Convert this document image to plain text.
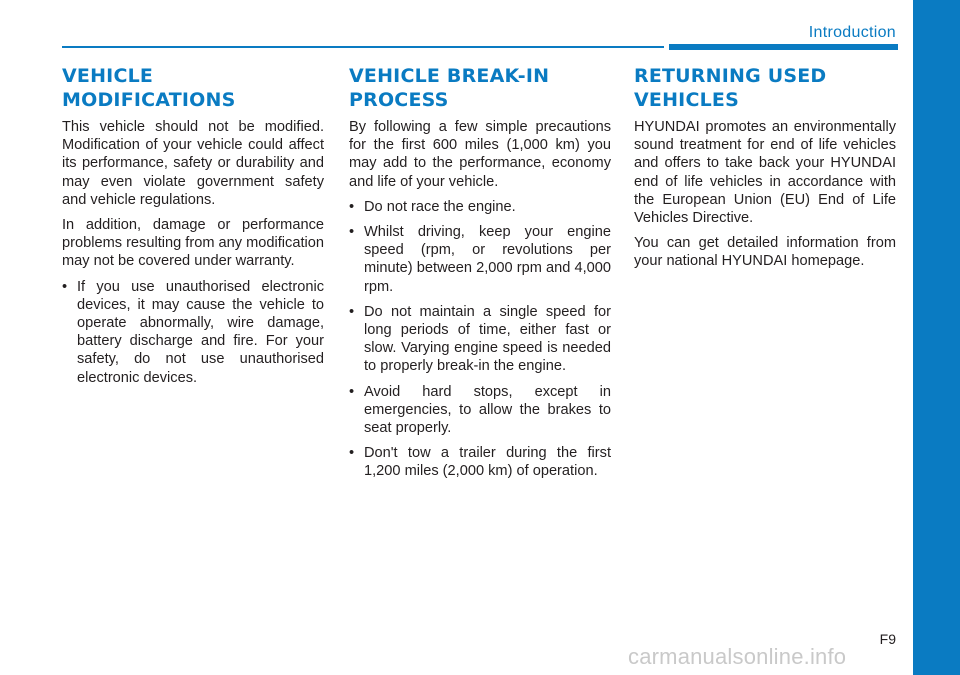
Introduction
VEHICLE MODIFICATIONS

This vehicle should not be modified. Modification of your vehicle could affect its performance, safety or durability and may even violate government safety and vehicle regulations.

In addition, damage or performance problems resulting from any modification may not be covered under warranty.

• If you use unauthorised electronic devices, it may cause the vehicle to operate abnormally, wire damage, battery discharge and fire. For your safety, do not use unauthorised electronic devices.
VEHICLE BREAK-IN PROCESS

By following a few simple precautions for the first 600 miles (1,000 km) you may add to the performance, economy and life of your vehicle.

• Do not race the engine.
• Whilst driving, keep your engine speed (rpm, or revolutions per minute) between 2,000 rpm and 4,000 rpm.
• Do not maintain a single speed for long periods of time, either fast or slow. Varying engine speed is needed to properly break-in the engine.
• Avoid hard stops, except in emergencies, to allow the brakes to seat properly.
• Don't tow a trailer during the first 1,200 miles (2,000 km) of operation.
RETURNING USED VEHICLES

HYUNDAI promotes an environmentally sound treatment for end of life vehicles and offers to take back your HYUNDAI end of life vehicles in accordance with the European Union (EU) End of Life Vehicles Directive.

You can get detailed information from your national HYUNDAI homepage.

F9
carmanualsonline.info
